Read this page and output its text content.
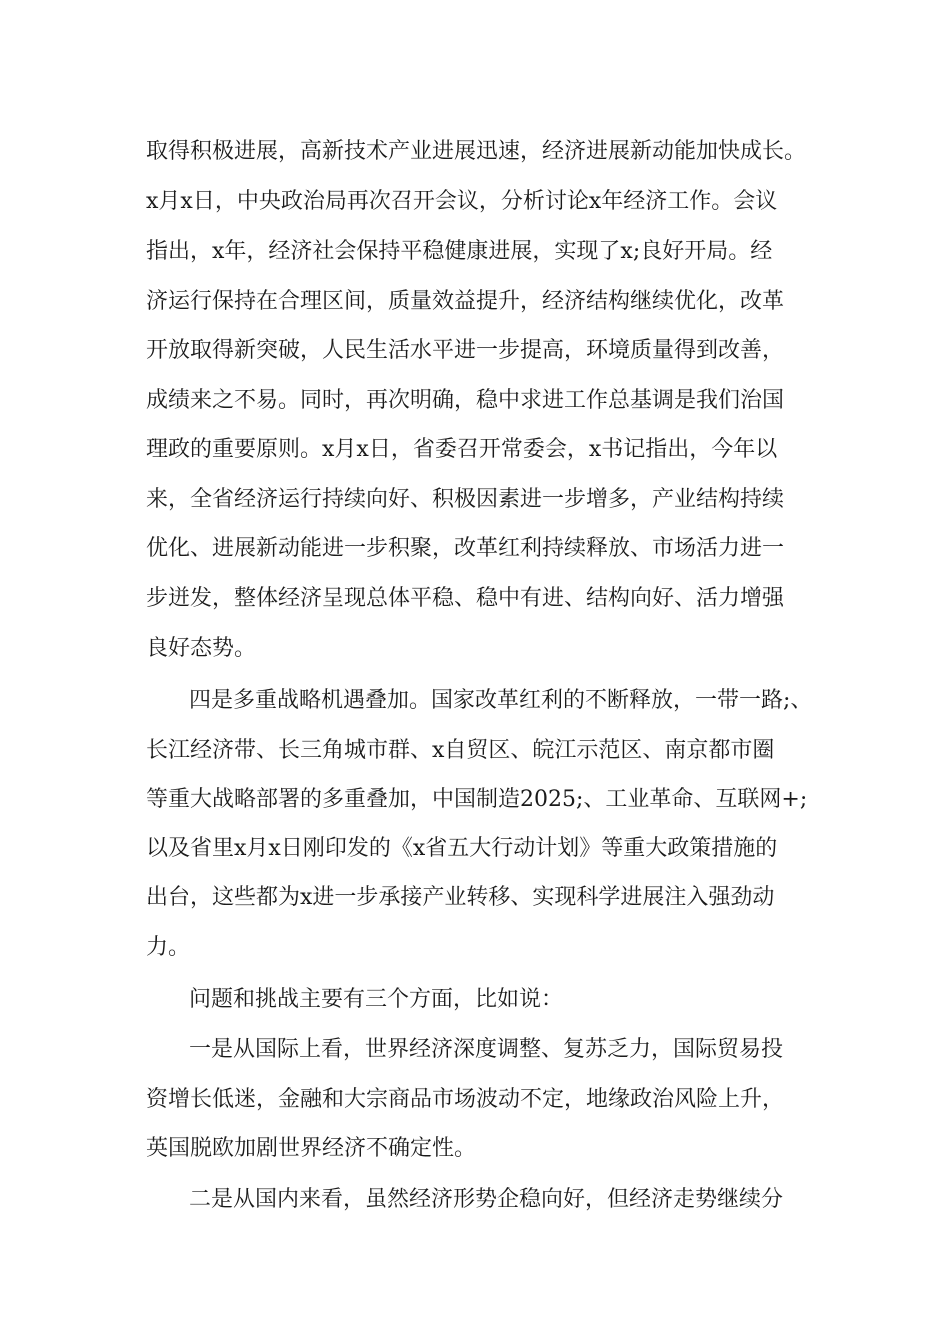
取得积极进展，高新技术产业进展迅速，经济进展新动能加快成长。

x月x日，中央政治局再次召开会议，分析讨论x年经济工作。会议

指出，x年，经济社会保持平稳健康进展，实现了x;良好开局。经

济运行保持在合理区间，质量效益提升，经济结构继续优化，改革

开放取得新突破，人民生活水平进一步提高，环境质量得到改善，

成绩来之不易。同时，再次明确，稳中求进工作总基调是我们治国

理政的重要原则。x月x日，省委召开常委会，x书记指出，今年以

来，全省经济运行持续向好、积极因素进一步增多，产业结构持续

优化、进展新动能进一步积聚，改革红利持续释放、市场活力进一

步迸发，整体经济呈现总体平稳、稳中有进、结构向好、活力增强

良好态势。

四是多重战略机遇叠加。国家改革红利的不断释放，一带一路;、

长江经济带、长三角城市群、x自贸区、皖江示范区、南京都市圈

等重大战略部署的多重叠加，中国制造2025;、工业革命、互联网+;

以及省里x月x日刚印发的《x省五大行动计划》等重大政策措施的

出台，这些都为x进一步承接产业转移、实现科学进展注入强劲动

力。

问题和挑战主要有三个方面，比如说：

一是从国际上看，世界经济深度调整、复苏乏力，国际贸易投

资增长低迷，金融和大宗商品市场波动不定，地缘政治风险上升，

英国脱欧加剧世界经济不确定性。

二是从国内来看，虽然经济形势企稳向好，但经济走势继续分
